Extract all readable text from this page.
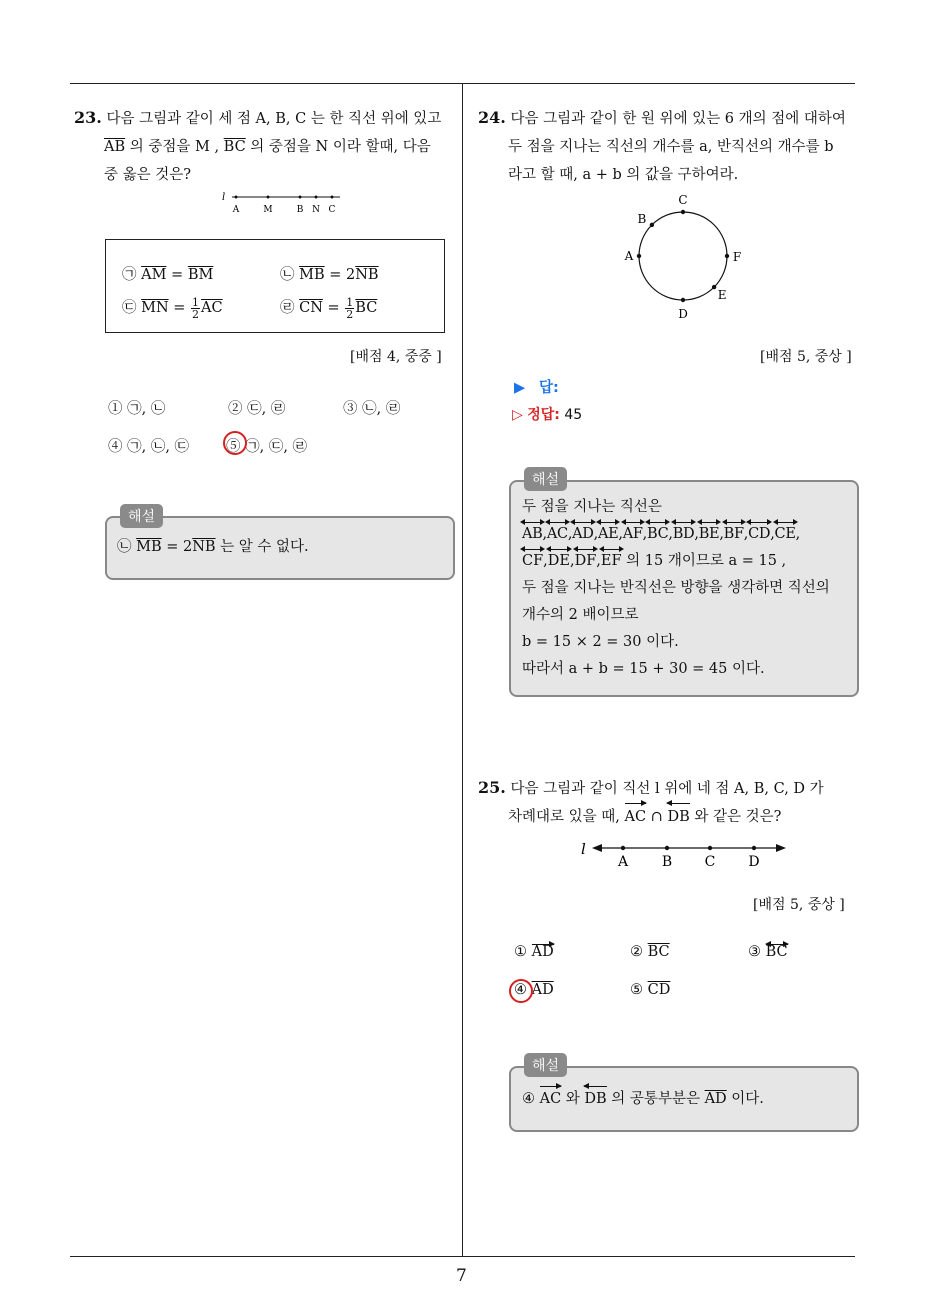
7
23. 다음 그림과 같이 세 점 A, B, C 는 한 직선 위에 있고
$\overline{AB}$ 의 중점을 M , $\overline{BC}$ 의 중점을 N 이라 할때, 다음
중 옳은 것은?
l
A	M	B N C
㉠ $\overline{AM} = \overline{BM}$	㉡ $\overline{MB} = 2\overline{NB}$
㉢ $\overline{MN} = \frac{1}{2} \overline{AC}$	㉣ $\overline{CN} = \frac{1}{2} \overline{BC}$
[배점 4, 중중 ]
① ㉠, ㉡	② ㉢, ㉣	③ ㉡, ㉣
④ ㉠, ㉡, ㉢	⑤ ㉠, ㉢, ㉣
해설
㉡ $\overline{MB} = 2\overline{NB}$ 는 알 수 없다.
24. 다음 그림과 같이 한 원 위에 있는 6 개의 점에 대하여
두 점을 지나는 직선의 개수를 a, 반직선의 개수를 b
라고 할 때, a + b 의 값을 구하여라.
C
B
A	F
E
D
[배점 5, 중상 ]
▶ 답:
▷ 정답: 45
해설
두 점을 지나는 직선은
AB,
AC,
AD,
AE,
AF,
BC,
BD,
BE,
BF,
CD,
CE,
CF,
DE,
DF,
EF 의 15 개이므로 a = 15 ,
두 점을 지나는 반직선은 방향을 생각하면 직선의
개수의 2 배이므로
b = 15 × 2 = 30 이다.
따라서 a + b = 15 + 30 = 45 이다.
25. 다음 그림과 같이 직선 l 위에 네 점 A, B, C, D 가
차례대로 있을 때, AC ∩ DB 와 같은 것은?
l
A B C D
[배점 5, 중상 ]
① AD	② $\overline{BC}$	③ BC
④ $\overline{AD}$	⑤ $\overline{CD}$
해설
④ AC 와 DB 의 공통부분은 $\overline{AD}$ 이다.
